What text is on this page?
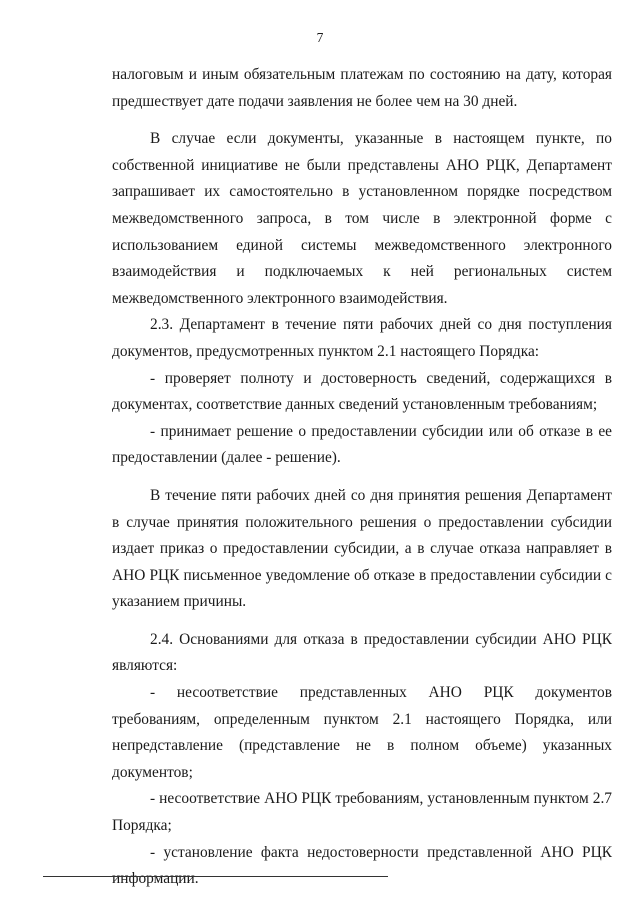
7

налоговым и иным обязательным платежам по состоянию на дату, которая предшествует дате подачи заявления не более чем на 30 дней.

В случае если документы, указанные в настоящем пункте, по собственной инициативе не были представлены АНО РЦК, Департамент запрашивает их самостоятельно в установленном порядке посредством межведомственного запроса, в том числе в электронной форме с использованием единой системы межведомственного электронного взаимодействия и подключаемых к ней региональных систем межведомственного электронного взаимодействия.

2.3. Департамент в течение пяти рабочих дней со дня поступления документов, предусмотренных пунктом 2.1 настоящего Порядка:

- проверяет полноту и достоверность сведений, содержащихся в документах, соответствие данных сведений установленным требованиям;

- принимает решение о предоставлении субсидии или об отказе в ее предоставлении (далее - решение).

В течение пяти рабочих дней со дня принятия решения Департамент в случае принятия положительного решения о предоставлении субсидии издает приказ о предоставлении субсидии, а в случае отказа направляет в АНО РЦК письменное уведомление об отказе в предоставлении субсидии с указанием причины.

2.4. Основаниями для отказа в предоставлении субсидии АНО РЦК являются:

- несоответствие представленных АНО РЦК документов требованиям, определенным пунктом 2.1 настоящего Порядка, или непредставление (представление не в полном объеме) указанных документов;

- несоответствие АНО РЦК требованиям, установленным пунктом 2.7 Порядка;

- установление факта недостоверности представленной АНО РЦК информации.
